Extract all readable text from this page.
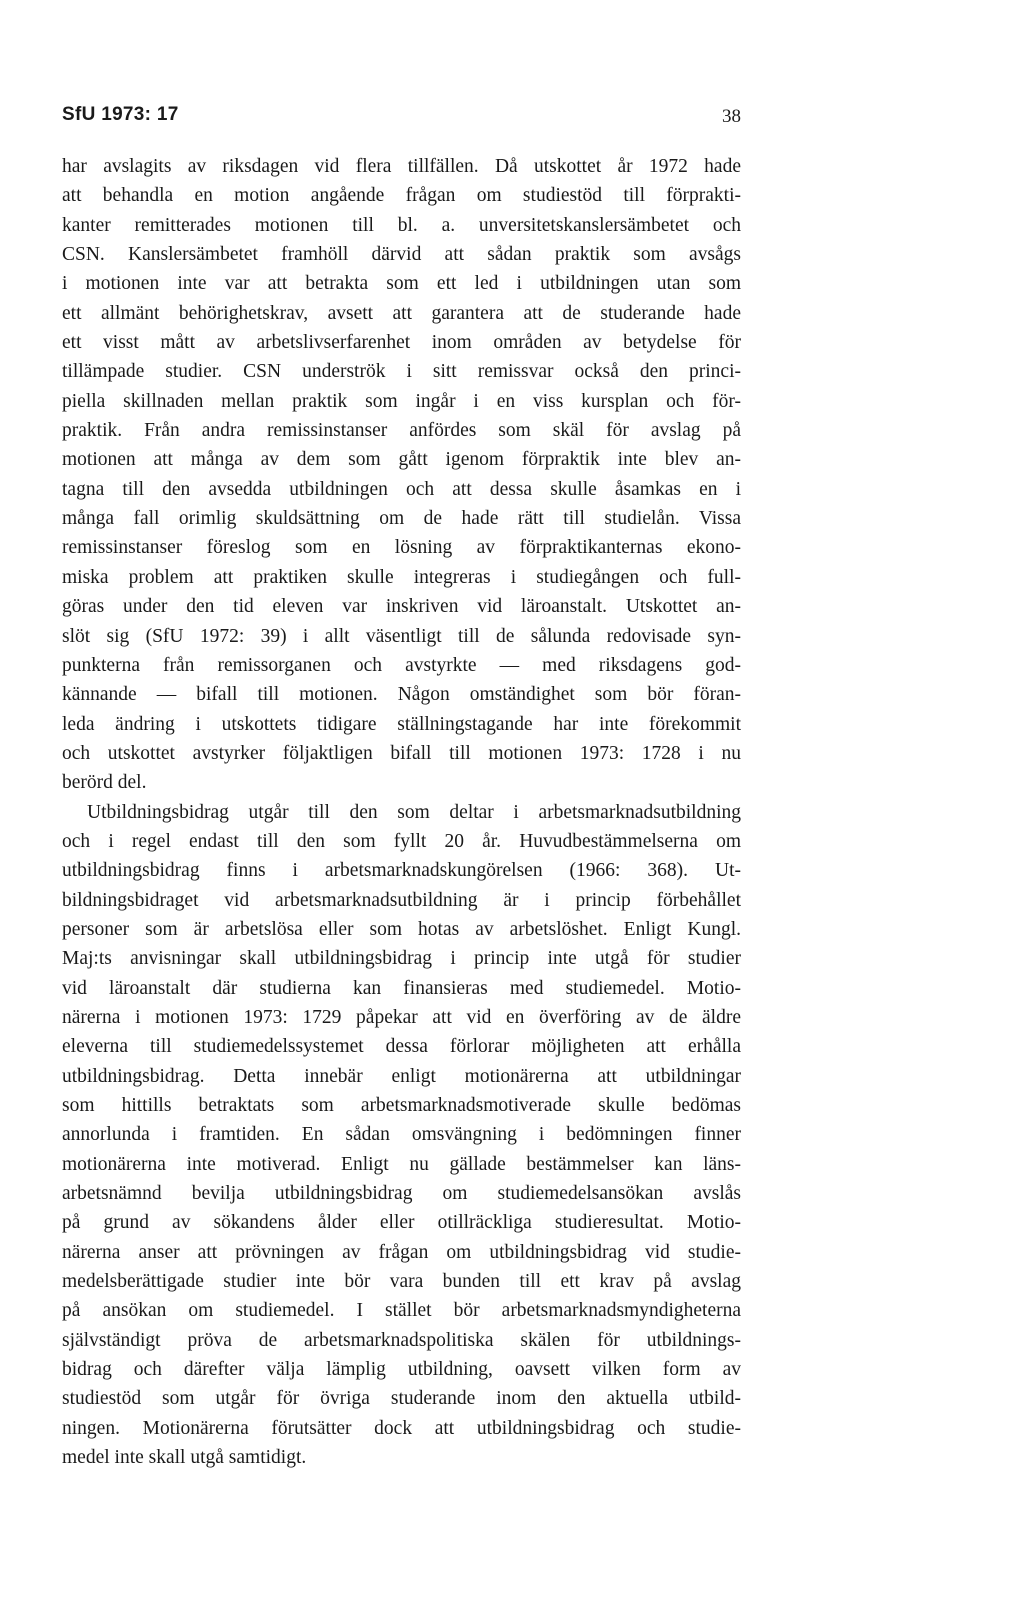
SfU 1973: 17	38
har avslagits av riksdagen vid flera tillfällen. Då utskottet år 1972 hade
att behandla en motion angående frågan om studiestöd till förprakti-
kanter remitterades motionen till bl. a. unversitetskanslersämbetet och
CSN. Kanslersämbetet framhöll därvid att sådan praktik som avsågs
i motionen inte var att betrakta som ett led i utbildningen utan som
ett allmänt behörighetskrav, avsett att garantera att de studerande hade
ett visst mått av arbetslivserfarenhet inom områden av betydelse för
tillämpade studier. CSN underströk i sitt remissvar också den princi-
piella skillnaden mellan praktik som ingår i en viss kursplan och för-
praktik. Från andra remissinstanser anfördes som skäl för avslag på
motionen att många av dem som gått igenom förpraktik inte blev an-
tagna till den avsedda utbildningen och att dessa skulle åsamkas en i
många fall orimlig skuldsättning om de hade rätt till studielån. Vissa
remissinstanser föreslog som en lösning av förpraktikanternas ekono-
miska problem att praktiken skulle integreras i studiegången och full-
göras under den tid eleven var inskriven vid läroanstalt. Utskottet an-
slöt sig (SfU 1972: 39) i allt väsentligt till de sålunda redovisade syn-
punkterna från remissorganen och avstyrkte — med riksdagens god-
kännande — bifall till motionen. Någon omständighet som bör föran-
leda ändring i utskottets tidigare ställningstagande har inte förekommit
och utskottet avstyrker följaktligen bifall till motionen 1973: 1728 i nu
berörd del.
Utbildningsbidrag utgår till den som deltar i arbetsmarknadsutbildning
och i regel endast till den som fyllt 20 år. Huvudbestämmelserna om
utbildningsbidrag finns i arbetsmarknadskungörelsen (1966: 368). Ut-
bildningsbidraget vid arbetsmarknadsutbildning är i princip förbehållet
personer som är arbetslösa eller som hotas av arbetslöshet. Enligt Kungl.
Maj:ts anvisningar skall utbildningsbidrag i princip inte utgå för studier
vid läroanstalt där studierna kan finansieras med studiemedel. Motio-
närerna i motionen 1973: 1729 påpekar att vid en överföring av de äldre
eleverna till studiemedelssystemet dessa förlorar möjligheten att erhålla
utbildningsbidrag. Detta innebär enligt motionärerna att utbildningar
som hittills betraktats som arbetsmarknadsmotiverade skulle bedömas
annorlunda i framtiden. En sådan omsvängning i bedömningen finner
motionärerna inte motiverad. Enligt nu gällade bestämmelser kan läns-
arbetsnämnd bevilja utbildningsbidrag om studiemedelsansökan avslås
på grund av sökandens ålder eller otillräckliga studieresultat. Motio-
närerna anser att prövningen av frågan om utbildningsbidrag vid studie-
medelsberättigade studier inte bör vara bunden till ett krav på avslag
på ansökan om studiemedel. I stället bör arbetsmarknadsmyndigheterna
självständigt pröva de arbetsmarknadspolitiska skälen för utbildnings-
bidrag och därefter välja lämplig utbildning, oavsett vilken form av
studiestöd som utgår för övriga studerande inom den aktuella utbild-
ningen. Motionärerna förutsätter dock att utbildningsbidrag och studie-
medel inte skall utgå samtidigt.
